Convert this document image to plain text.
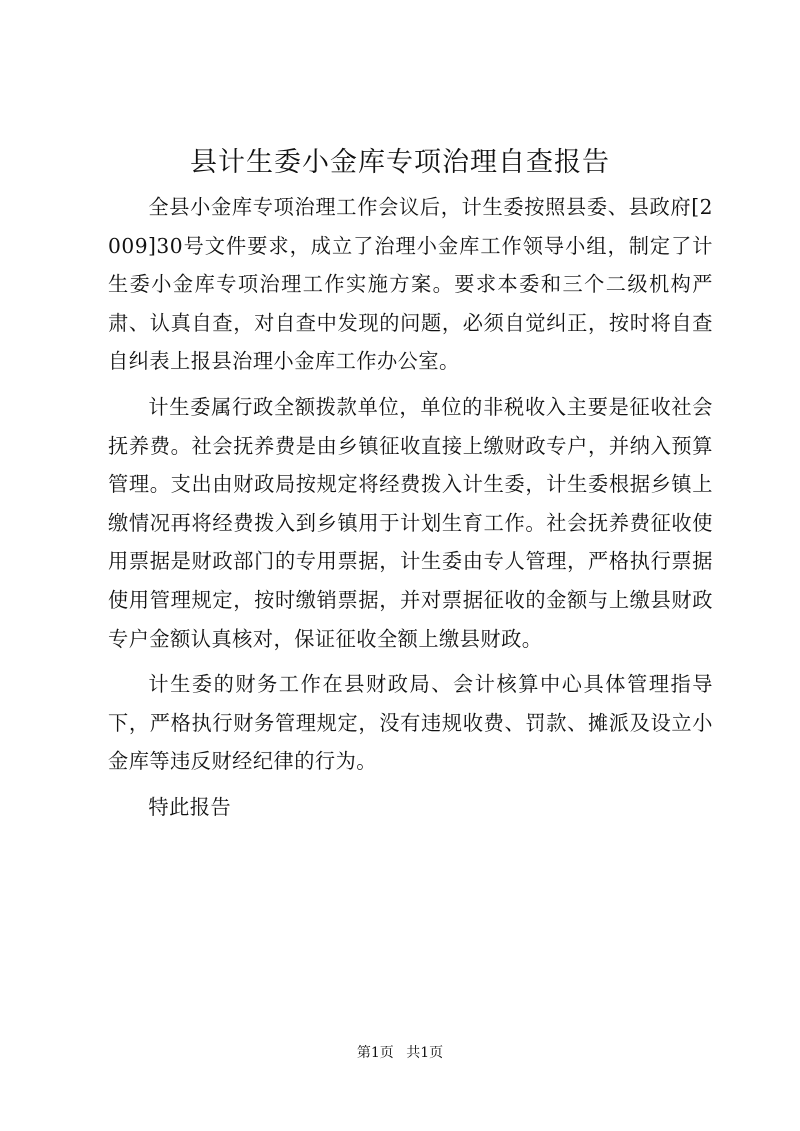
县计生委小金库专项治理自查报告

全县小金库专项治理工作会议后，计生委按照县委、县政府[2009]30号文件要求，成立了治理小金库工作领导小组，制定了计生委小金库专项治理工作实施方案。要求本委和三个二级机构严肃、认真自查，对自查中发现的问题，必须自觉纠正，按时将自查自纠表上报县治理小金库工作办公室。

计生委属行政全额拨款单位，单位的非税收入主要是征收社会抚养费。社会抚养费是由乡镇征收直接上缴财政专户，并纳入预算管理。支出由财政局按规定将经费拨入计生委，计生委根据乡镇上缴情况再将经费拨入到乡镇用于计划生育工作。社会抚养费征收使用票据是财政部门的专用票据，计生委由专人管理，严格执行票据使用管理规定，按时缴销票据，并对票据征收的金额与上缴县财政专户金额认真核对，保证征收全额上缴县财政。

计生委的财务工作在县财政局、会计核算中心具体管理指导下，严格执行财务管理规定，没有违规收费、罚款、摊派及设立小金库等违反财经纪律的行为。

特此报告

第1页 共1页
